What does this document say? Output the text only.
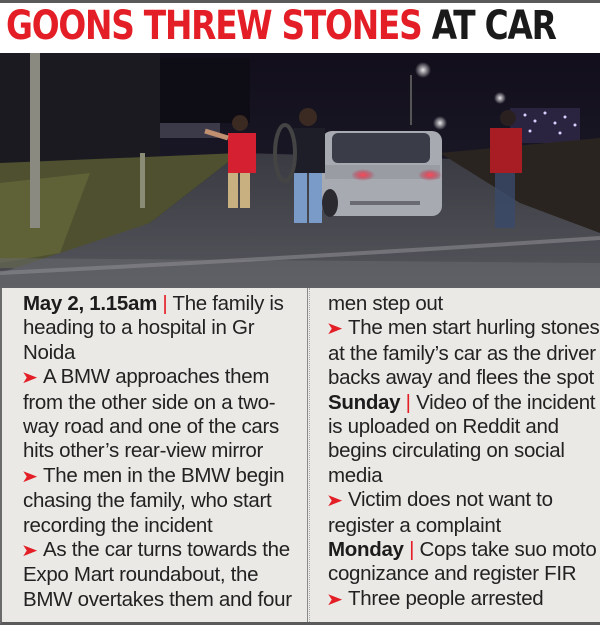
GOONS THREW STONES AT CAR

May 2, 1.15am | The family is heading to a hospital in Gr Noida

➤ A BMW approaches them from the other side on a two-way road and one of the cars hits other’s rear-view mirror

➤ The men in the BMW begin chasing the family, who start recording the incident

➤ As the car turns towards the Expo Mart roundabout, the BMW overtakes them and four

men step out

➤ The men start hurling stones at the family’s car as the driver backs away and flees the spot

Sunday | Video of the incident is uploaded on Reddit and begins circulating on social media

➤ Victim does not want to register a complaint

Monday | Cops take suo moto cognizance and register FIR

➤ Three people arrested
